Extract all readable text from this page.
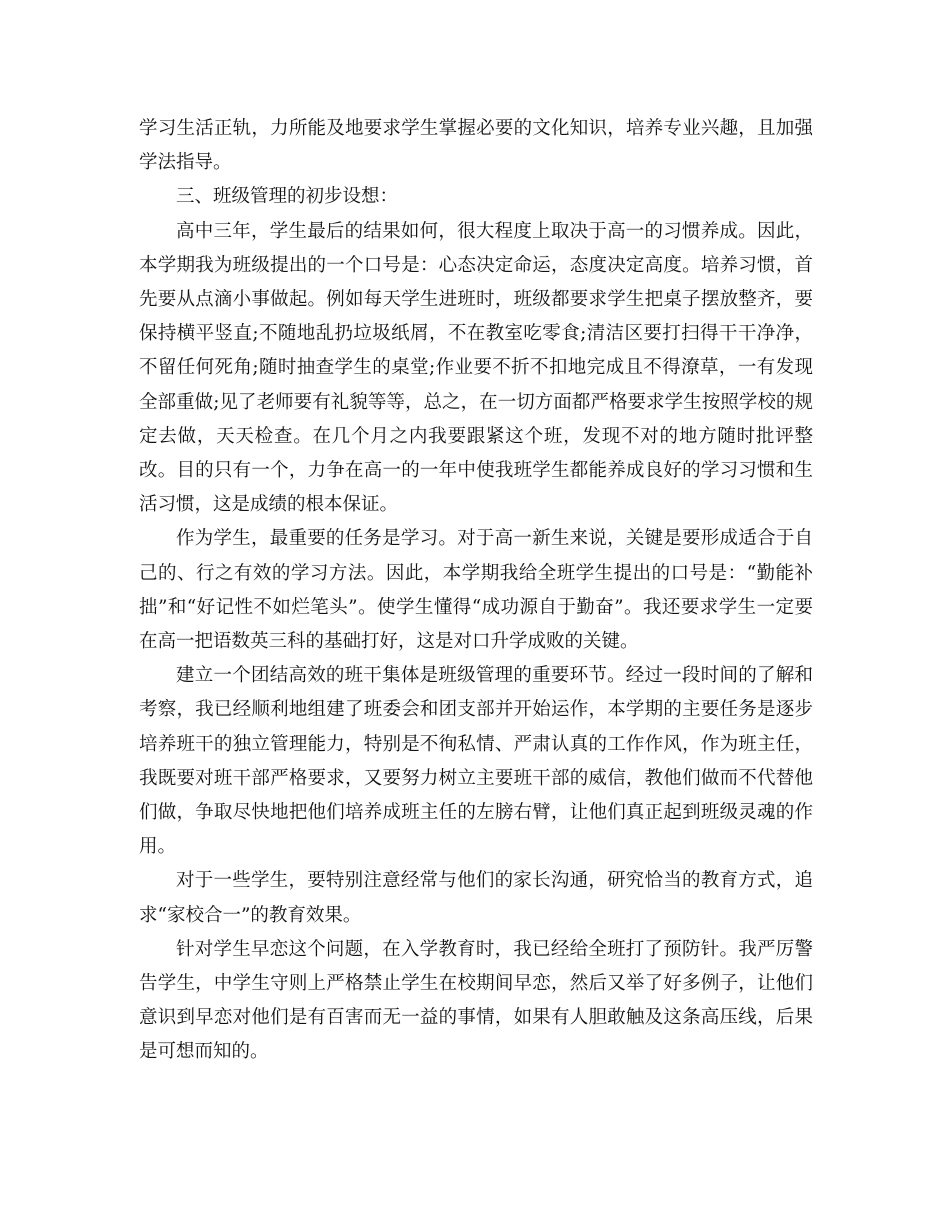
学习生活正轨，力所能及地要求学生掌握必要的文化知识，培养专业兴趣，且加强学法指导。

三、班级管理的初步设想：

高中三年，学生最后的结果如何，很大程度上取决于高一的习惯养成。因此，本学期我为班级提出的一个口号是：心态决定命运，态度决定高度。培养习惯，首先要从点滴小事做起。例如每天学生进班时，班级都要求学生把桌子摆放整齐，要保持横平竖直;不随地乱扔垃圾纸屑，不在教室吃零食;清洁区要打扫得干干净净，不留任何死角;随时抽查学生的桌堂;作业要不折不扣地完成且不得潦草，一有发现全部重做;见了老师要有礼貌等等，总之，在一切方面都严格要求学生按照学校的规定去做，天天检查。在几个月之内我要跟紧这个班，发现不对的地方随时批评整改。目的只有一个，力争在高一的一年中使我班学生都能养成良好的学习习惯和生活习惯，这是成绩的根本保证。

作为学生，最重要的任务是学习。对于高一新生来说，关键是要形成适合于自己的、行之有效的学习方法。因此，本学期我给全班学生提出的口号是：“勤能补拙”和“好记性不如烂笔头”。使学生懂得“成功源自于勤奋”。我还要求学生一定要在高一把语数英三科的基础打好，这是对口升学成败的关键。

建立一个团结高效的班干集体是班级管理的重要环节。经过一段时间的了解和考察，我已经顺利地组建了班委会和团支部并开始运作，本学期的主要任务是逐步培养班干的独立管理能力，特别是不徇私情、严肃认真的工作作风，作为班主任，我既要对班干部严格要求，又要努力树立主要班干部的威信，教他们做而不代替他们做，争取尽快地把他们培养成班主任的左膀右臂，让他们真正起到班级灵魂的作用。

对于一些学生，要特别注意经常与他们的家长沟通，研究恰当的教育方式，追求“家校合一”的教育效果。

针对学生早恋这个问题，在入学教育时，我已经给全班打了预防针。我严厉警告学生，中学生守则上严格禁止学生在校期间早恋，然后又举了好多例子，让他们意识到早恋对他们是有百害而无一益的事情，如果有人胆敢触及这条高压线，后果是可想而知的。
